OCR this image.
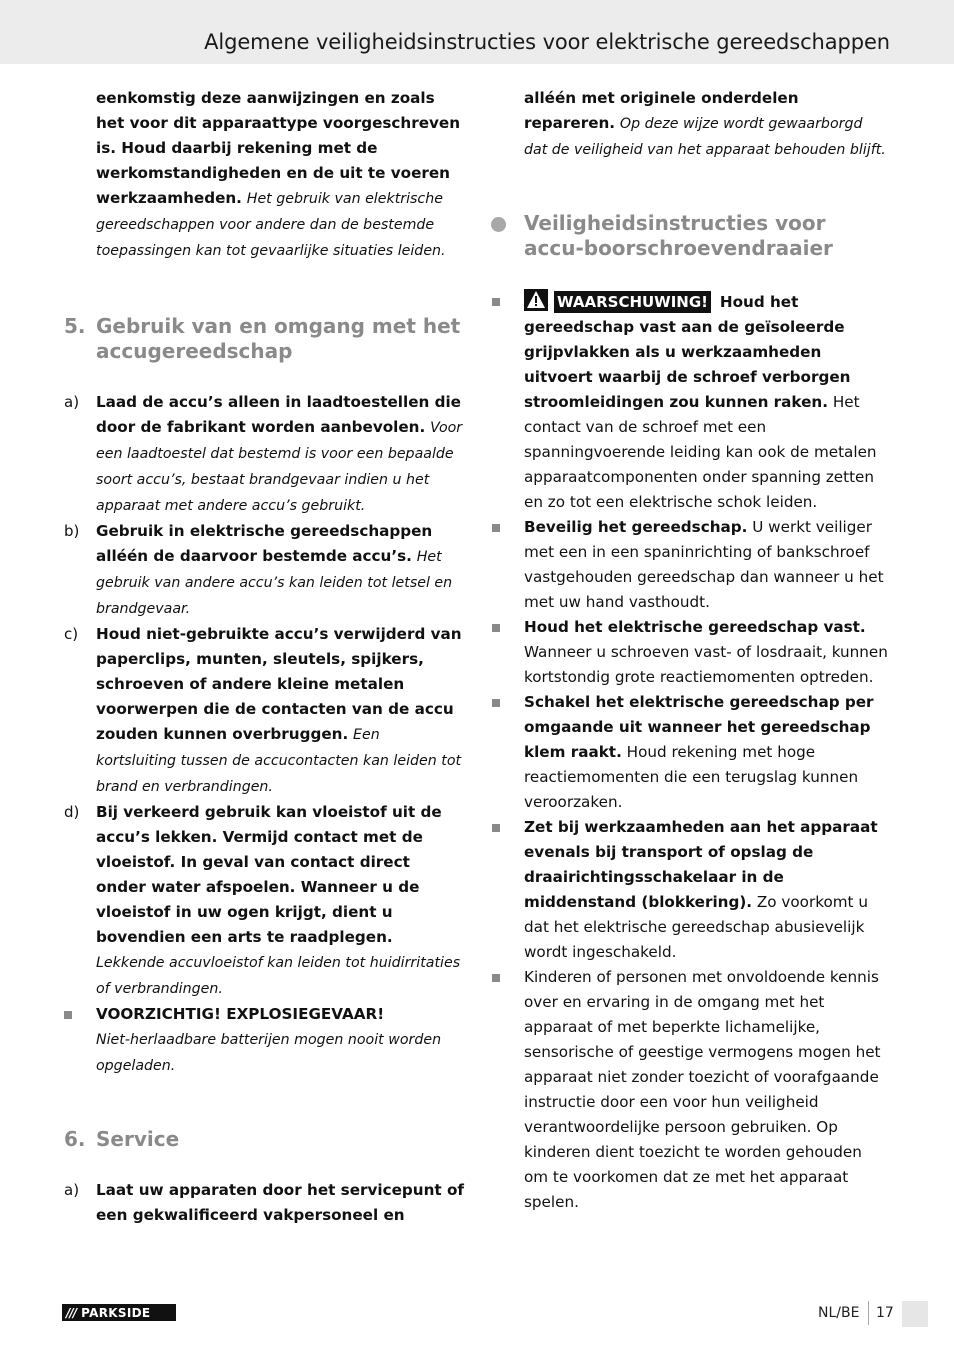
Algemene veiligheidsinstructies voor elektrische gereedschappen

eenkomstig deze aanwijzingen en zoals het voor dit apparaattype voorgeschreven is. Houd daarbij rekening met de werkomstandigheden en de uit te voeren werkzaamheden. Het gebruik van elektrische gereedschappen voor andere dan de bestemde toepassingen kan tot gevaarlijke situaties leiden.

5. Gebruik van en omgang met het accugereedschap
a) Laad de accu’s alleen in laadtoestellen die door de fabrikant worden aanbevolen. Voor een laadtoestel dat bestemd is voor een bepaalde soort accu’s, bestaat brandgevaar indien u het apparaat met andere accu’s gebruikt.
b) Gebruik in elektrische gereedschappen alléén de daarvoor bestemde accu’s. Het gebruik van andere accu’s kan leiden tot letsel en brandgevaar.
c) Houd niet-gebruikte accu’s verwijderd van paperclips, munten, sleutels, spijkers, schroeven of andere kleine metalen voorwerpen die de contacten van de accu zouden kunnen overbruggen. Een kortsluiting tussen de accucontacten kan leiden tot brand en verbrandingen.
d) Bij verkeerd gebruik kan vloeistof uit de accu’s lekken. Vermijd contact met de vloeistof. In geval van contact direct onder water afspoelen. Wanneer u de vloeistof in uw ogen krijgt, dient u bovendien een arts te raadplegen. Lekkende accuvloeistof kan leiden tot huidirritaties of verbrandingen.
VOORZICHTIG! EXPLOSIEGEVAAR!
Niet-herlaadbare batterijen mogen nooit worden opgeladen.
6. Service
a) Laat uw apparaten door het servicepunt of een gekwalificeerd vakpersoneel en

alléén met originele onderdelen repareren. Op deze wijze wordt gewaarborgd dat de veiligheid van het apparaat behouden blijft.

Veiligheidsinstructies voor accu-boorschroevendraaier
WAARSCHUWING! Houd het gereedschap vast aan de geïsoleerde grijpvlakken als u werkzaamheden uitvoert waarbij de schroef verborgen stroomleidingen zou kunnen raken. Het contact van de schroef met een spanningvoerende leiding kan ook de metalen apparaatcomponenten onder spanning zetten en zo tot een elektrische schok leiden.
Beveilig het gereedschap. U werkt veiliger met een in een spaninrichting of bankschroef vastgehouden gereedschap dan wanneer u het met uw hand vasthoudt.
Houd het elektrische gereedschap vast. Wanneer u schroeven vast- of losdraait, kunnen kortstondig grote reactiemomenten optreden.
Schakel het elektrische gereedschap per omgaande uit wanneer het gereedschap klem raakt. Houd rekening met hoge reactiemomenten die een terugslag kunnen veroorzaken.
Zet bij werkzaamheden aan het apparaat evenals bij transport of opslag de draairichtingsschakelaar in de middenstand (blokkering). Zo voorkomt u dat het elektrische gereedschap abusievelijk wordt ingeschakeld.
Kinderen of personen met onvoldoende kennis over en ervaring in de omgang met het apparaat of met beperkte lichamelijke, sensorische of geestige vermogens mogen het apparaat niet zonder toezicht of voorafgaande instructie door een voor hun veiligheid verantwoordelijke persoon gebruiken. Op kinderen dient toezicht te worden gehouden om te voorkomen dat ze met het apparaat spelen.
/// PARKSIDE	NL/BE 17
